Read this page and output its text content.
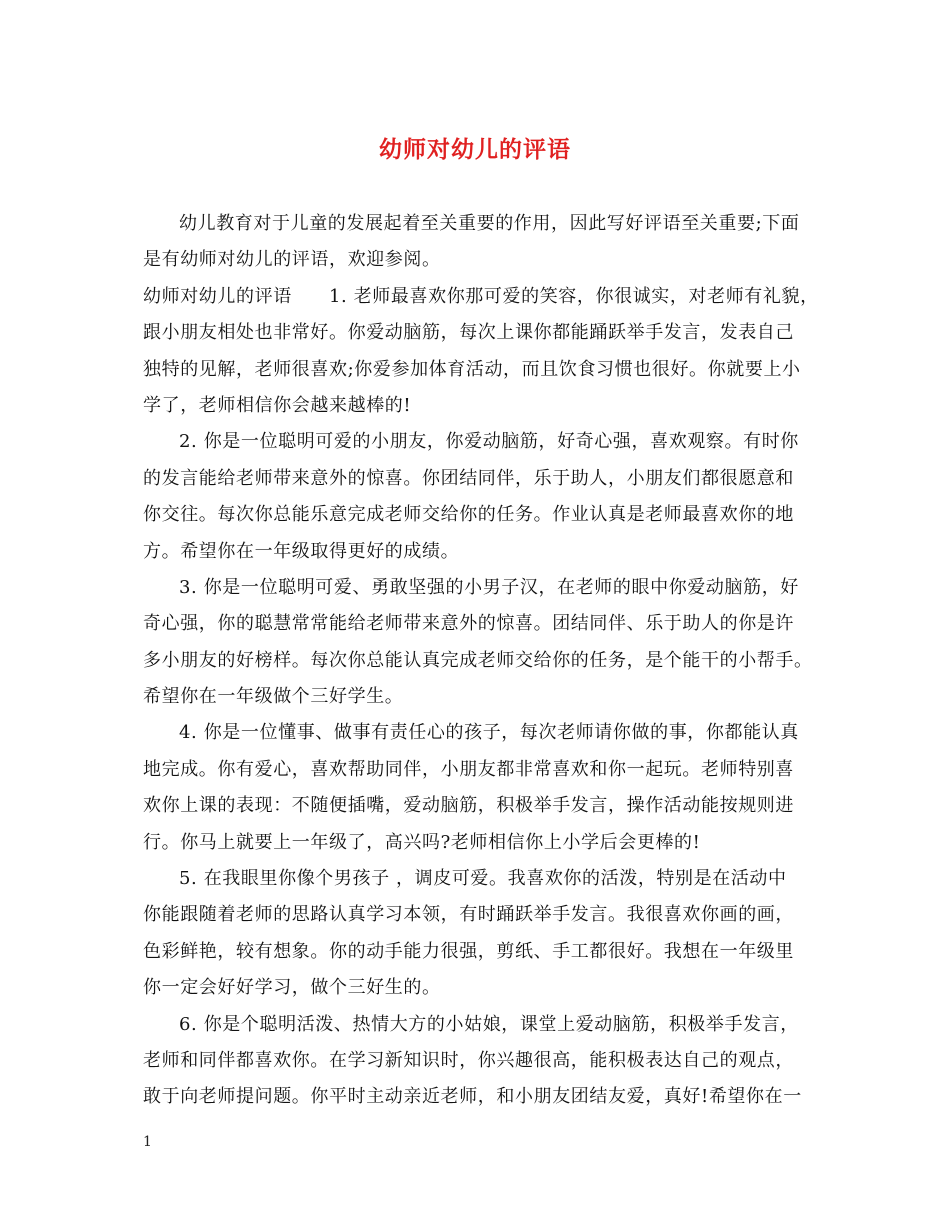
幼师对幼儿的评语
幼儿教育对于儿童的发展起着至关重要的作用，因此写好评语至关重要;下面
是有幼师对幼儿的评语，欢迎参阅。
幼师对幼儿的评语　　1. 老师最喜欢你那可爱的笑容，你很诚实，对老师有礼貌，
跟小朋友相处也非常好。你爱动脑筋，每次上课你都能踊跃举手发言，发表自己
独特的见解，老师很喜欢;你爱参加体育活动，而且饮食习惯也很好。你就要上小
学了，老师相信你会越来越棒的!
2. 你是一位聪明可爱的小朋友，你爱动脑筋，好奇心强，喜欢观察。有时你
的发言能给老师带来意外的惊喜。你团结同伴，乐于助人，小朋友们都很愿意和
你交往。每次你总能乐意完成老师交给你的任务。作业认真是老师最喜欢你的地
方。希望你在一年级取得更好的成绩。
3. 你是一位聪明可爱、勇敢坚强的小男子汉，在老师的眼中你爱动脑筋，好
奇心强，你的聪慧常常能给老师带来意外的惊喜。团结同伴、乐于助人的你是许
多小朋友的好榜样。每次你总能认真完成老师交给你的任务，是个能干的小帮手。
希望你在一年级做个三好学生。
4. 你是一位懂事、做事有责任心的孩子，每次老师请你做的事，你都能认真
地完成。你有爱心，喜欢帮助同伴，小朋友都非常喜欢和你一起玩。老师特别喜
欢你上课的表现：不随便插嘴，爱动脑筋，积极举手发言，操作活动能按规则进
行。你马上就要上一年级了，高兴吗?老师相信你上小学后会更棒的!
5. 在我眼里你像个男孩子 ，调皮可爱。我喜欢你的活泼，特别是在活动中
你能跟随着老师的思路认真学习本领，有时踊跃举手发言。我很喜欢你画的画，
色彩鲜艳，较有想象。你的动手能力很强，剪纸、手工都很好。我想在一年级里
你一定会好好学习，做个三好生的。
6. 你是个聪明活泼、热情大方的小姑娘，课堂上爱动脑筋，积极举手发言，
老师和同伴都喜欢你。在学习新知识时，你兴趣很高，能积极表达自己的观点，
敢于向老师提问题。你平时主动亲近老师，和小朋友团结友爱，真好!希望你在一
1
